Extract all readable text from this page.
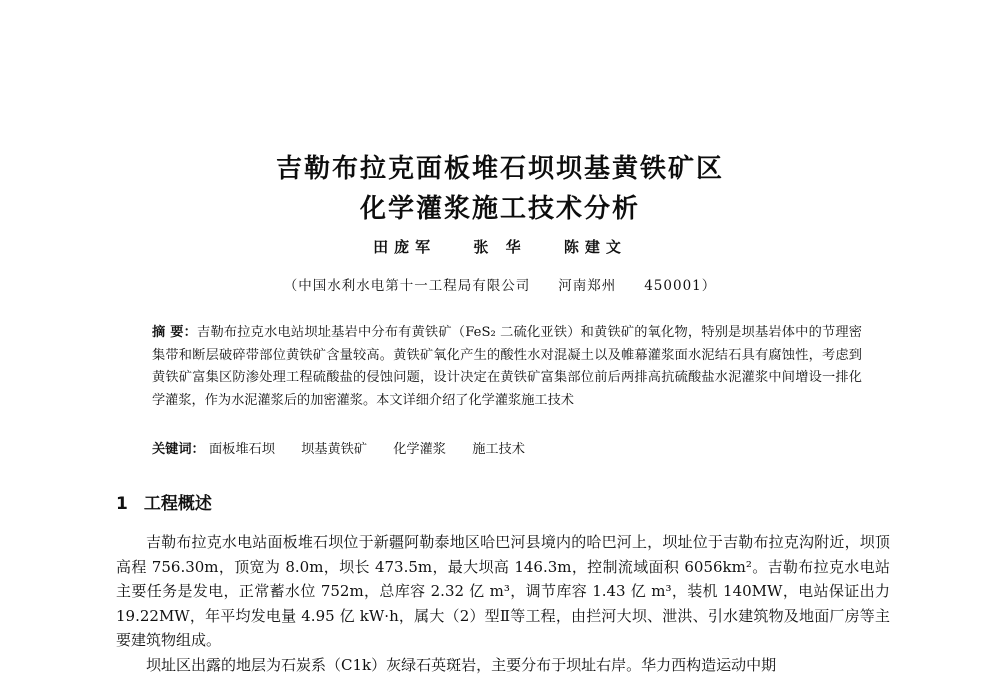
吉勒布拉克面板堆石坝坝基黄铁矿区
化学灌浆施工技术分析
田庞军 张 华 陈建文
（中国水利水电第十一工程局有限公司 河南郑州 450001）
摘 要：吉勒布拉克水电站坝址基岩中分布有黄铁矿（FeS₂ 二硫化亚铁）和黄铁矿的氧化物，特别是坝基岩体中的节理密集带和断层破碎带部位黄铁矿含量较高。黄铁矿氧化产生的酸性水对混凝土以及帷幕灌浆面水泥结石具有腐蚀性，考虑到黄铁矿富集区防渗处理工程硫酸盐的侵蚀问题，设计决定在黄铁矿富集部位前后两排高抗硫酸盐水泥灌浆中间增设一排化学灌浆，作为水泥灌浆后的加密灌浆。本文详细介绍了化学灌浆施工技术
关键词： 面板堆石坝 坝基黄铁矿 化学灌浆 施工技术
1 工程概述

吉勒布拉克水电站面板堆石坝位于新疆阿勒泰地区哈巴河县境内的哈巴河上，坝址位于吉勒布拉克沟附近，坝顶高程 756.30m，顶宽为 8.0m，坝长 473.5m，最大坝高 146.3m，控制流域面积 6056km²。吉勒布拉克水电站主要任务是发电，正常蓄水位 752m，总库容 2.32 亿 m³，调节库容 1.43 亿 m³，装机 140MW，电站保证出力 19.22MW，年平均发电量 4.95 亿 kW·h，属大（2）型Ⅱ等工程，由拦河大坝、泄洪、引水建筑物及地面厂房等主要建筑物组成。

坝址区出露的地层为石炭系（C1k）灰绿石英斑岩，主要分布于坝址右岸。华力西构造运动中期
